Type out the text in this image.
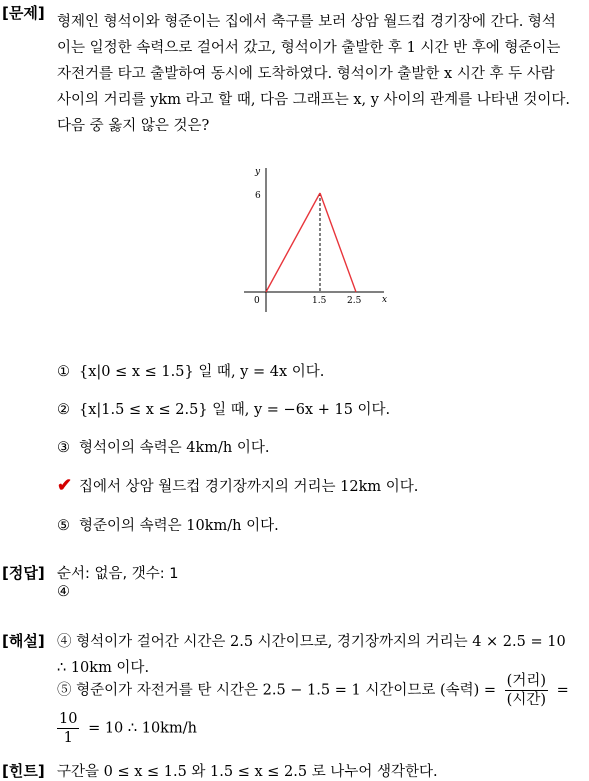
[문제] 형제인 형석이와 형준이는 집에서 축구를 보러 상암 월드컵 경기장에 간다. 형석
이는 일정한 속력으로 걸어서 갔고, 형석이가 출발한 후 1 시간 반 후에 형준이는
자전거를 타고 출발하여 동시에 도착하였다. 형석이가 출발한 x 시간 후 두 사람
사이의 거리를 ykm 라고 할 때, 다음 그래프는 x, y 사이의 관계를 나타낸 것이다.
다음 중 옳지 않은 것은?
y
x
0
6
1.5 2.5
① {x|0 ≤ x ≤ 1.5} 일 때, y = 4x 이다.
② {x|1.5 ≤ x ≤ 2.5} 일 때, y = −6x + 15 이다.
③ 형석이의 속력은 4km/h 이다.
✔ 집에서 상암 월드컵 경기장까지의 거리는 12km 이다.
⑤ 형준이의 속력은 10km/h 이다.
[정답] 순서: 없음, 갯수: 1
④
[해설] ④ 형석이가 걸어간 시간은 2.5 시간이므로, 경기장까지의 거리는 4 × 2.5 = 10
∴ 10km 이다.
⑤ 형준이가 자전거를 탄 시간은 2.5 − 1.5 = 1 시간이므로 (속력) = $\frac{\text{(거리)}}{\text{(시간)}}$ =
$\frac{10}{1} = 10$ ∴ 10km/h
[힌트] 구간을 0 ≤ x ≤ 1.5 와 1.5 ≤ x ≤ 2.5 로 나누어 생각한다.
